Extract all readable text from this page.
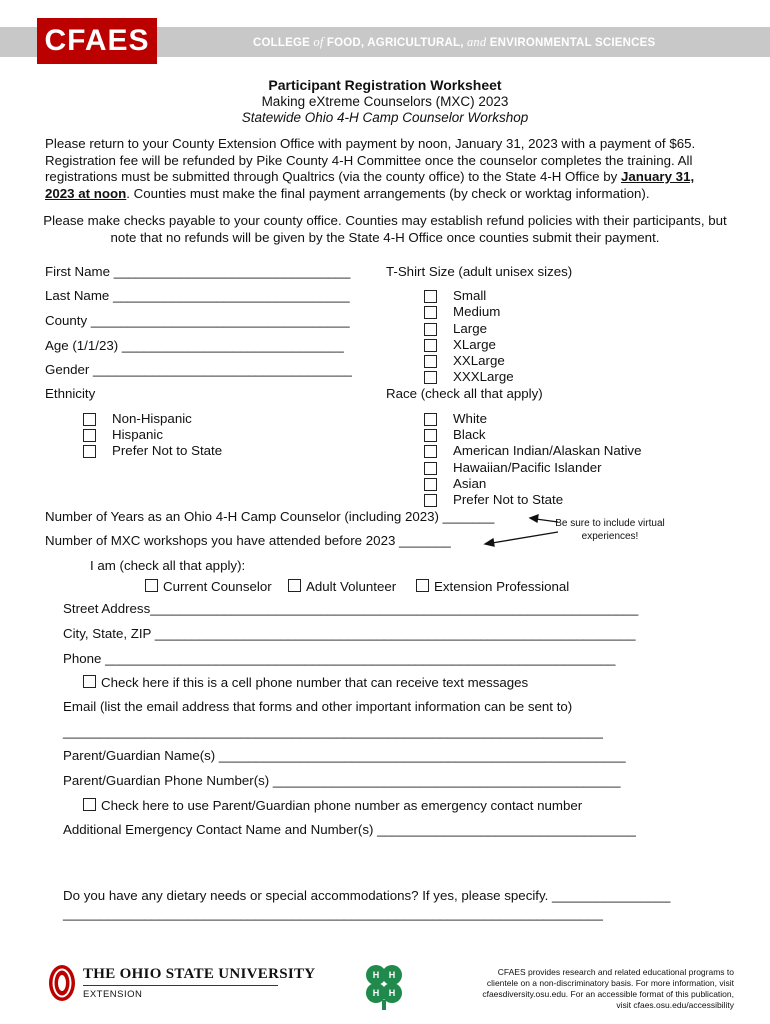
CFAES	COLLEGE of FOOD, AGRICULTURAL, and ENVIRONMENTAL SCIENCES
Participant Registration Worksheet
Making eXtreme Counselors (MXC) 2023
Statewide Ohio 4-H Camp Counselor Workshop
Please return to your County Extension Office with payment by noon, January 31, 2023 with a payment of $65. Registration fee will be refunded by Pike County 4-H Committee once the counselor completes the training. All registrations must be submitted through Qualtrics (via the county office) to the State 4-H Office by January 31, 2023 at noon. Counties must make the final payment arrangements (by check or worktag information).
Please make checks payable to your county office. Counties may establish refund policies with their participants, but note that no refunds will be given by the State 4-H Office once counties submit their payment.
First Name ________________________________
Last Name ________________________________
County ___________________________________
Age (1/1/23) ______________________________
Gender ___________________________________
Ethnicity
Non-Hispanic
Hispanic
Prefer Not to State
T-Shirt Size (adult unisex sizes)
Small
Medium
Large
XLarge
XXLarge
XXXLarge
Race (check all that apply)
White
Black
American Indian/Alaskan Native
Hawaiian/Pacific Islander
Asian
Prefer Not to State
Number of Years as an Ohio 4-H Camp Counselor (including 2023) _______
Number of MXC workshops you have attended before 2023 _______
Be sure to include virtual experiences!
I am (check all that apply):
Current Counselor	Adult Volunteer	Extension Professional
Street Address__________________________________________________________________
City, State, ZIP _________________________________________________________________
Phone _____________________________________________________________________
Check here if this is a cell phone number that can receive text messages
Email (list the email address that forms and other important information can be sent to)
_________________________________________________________________________
Parent/Guardian Name(s) _______________________________________________________
Parent/Guardian Phone Number(s) _______________________________________________
Check here to use Parent/Guardian phone number as emergency contact number
Additional Emergency Contact Name and Number(s) ___________________________________
Do you have any dietary needs or special accommodations? If yes, please specify. ________________
_________________________________________________________________________
THE OHIO STATE UNIVERSITY
EXTENSION
H H
H H
CFAES provides research and related educational programs to clientele on a non-discriminatory basis. For more information, visit cfaesdiversity.osu.edu. For an accessible format of this publication, visit cfaes.osu.edu/accessibility
